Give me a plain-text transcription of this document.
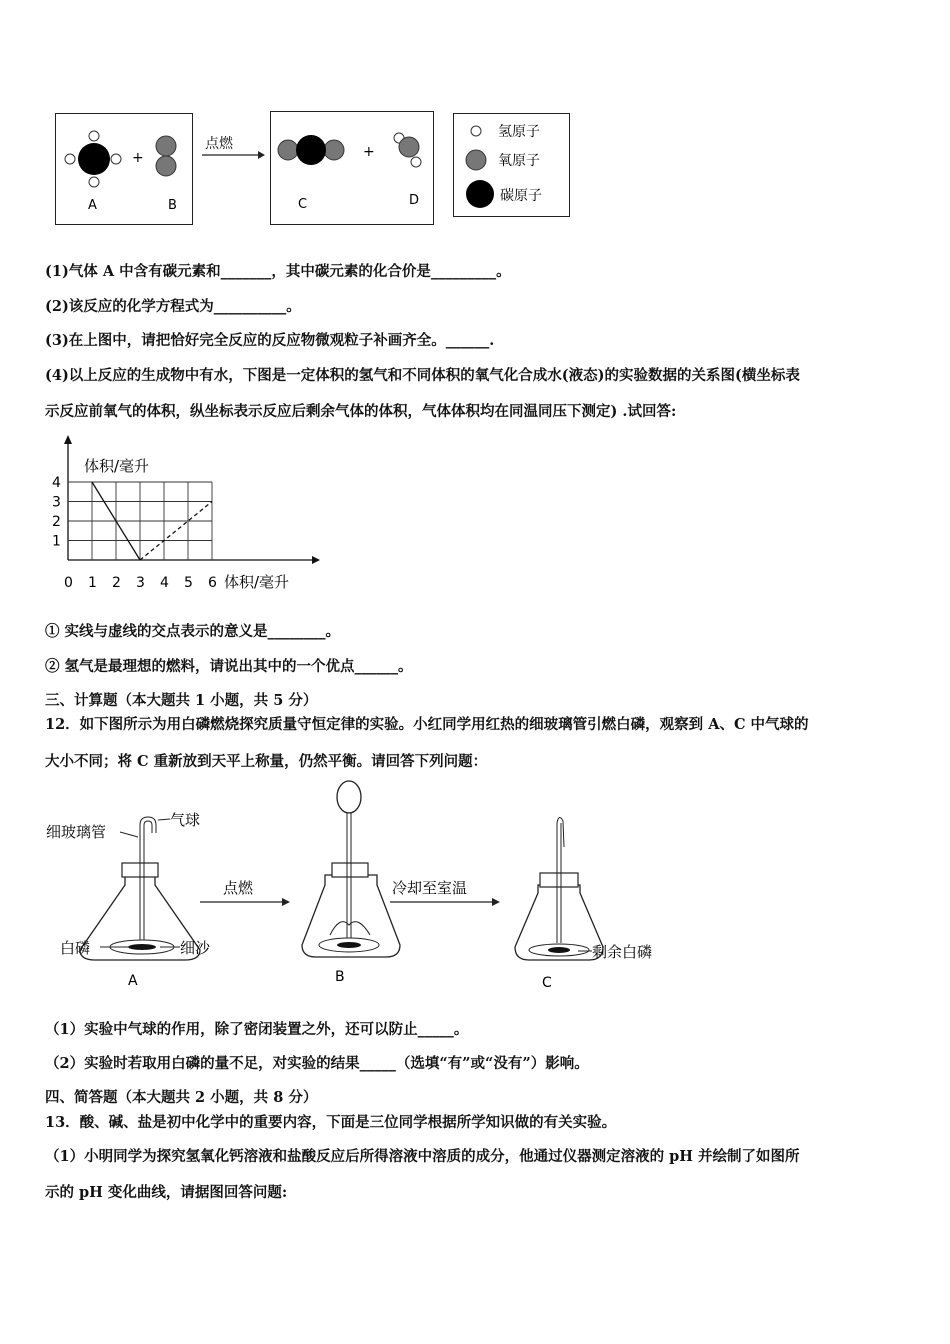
+
A	B
点燃	+
C	D
氢原子
氧原子
碳原子
(1)气体 A 中含有碳元素和_______，其中碳元素的化合价是_________。
(2)该反应的化学方程式为__________。
(3)在上图中，请把恰好完全反应的反应物微观粒子补画齐全。______.
(4)以上反应的生成物中有水，下图是一定体积的氢气和不同体积的氧气化合成水(液态)的实验数据的关系图(横坐标表
示反应前氧气的体积，纵坐标表示反应后剩余气体的体积，气体体积均在同温同压下测定) .试回答:
0 1 2 3 4 5 6
1
2
3
4
体积/毫升
体积/毫升
① 实线与虚线的交点表示的意义是________。
② 氢气是最理想的燃料，请说出其中的一个优点______。
三、计算题（本大题共 1 小题，共 5 分）
12．如下图所示为用白磷燃烧探究质量守恒定律的实验。小红同学用红热的细玻璃管引燃白磷，观察到 A、C 中气球的
大小不同；将 C 重新放到天平上称量，仍然平衡。请回答下列问题：
细玻璃管
气球
白磷	细沙
A
点燃
B
冷却至室温
剩余白磷
C
（1）实验中气球的作用，除了密闭装置之外，还可以防止_____。
（2）实验时若取用白磷的量不足，对实验的结果_____（选填“有”或“没有”）影响。
四、简答题（本大题共 2 小题，共 8 分）
13．酸、碱、盐是初中化学中的重要内容，下面是三位同学根据所学知识做的有关实验。
（1）小明同学为探究氢氧化钙溶液和盐酸反应后所得溶液中溶质的成分，他通过仪器测定溶液的 pH 并绘制了如图所
示的 pH 变化曲线，请据图回答问题:
